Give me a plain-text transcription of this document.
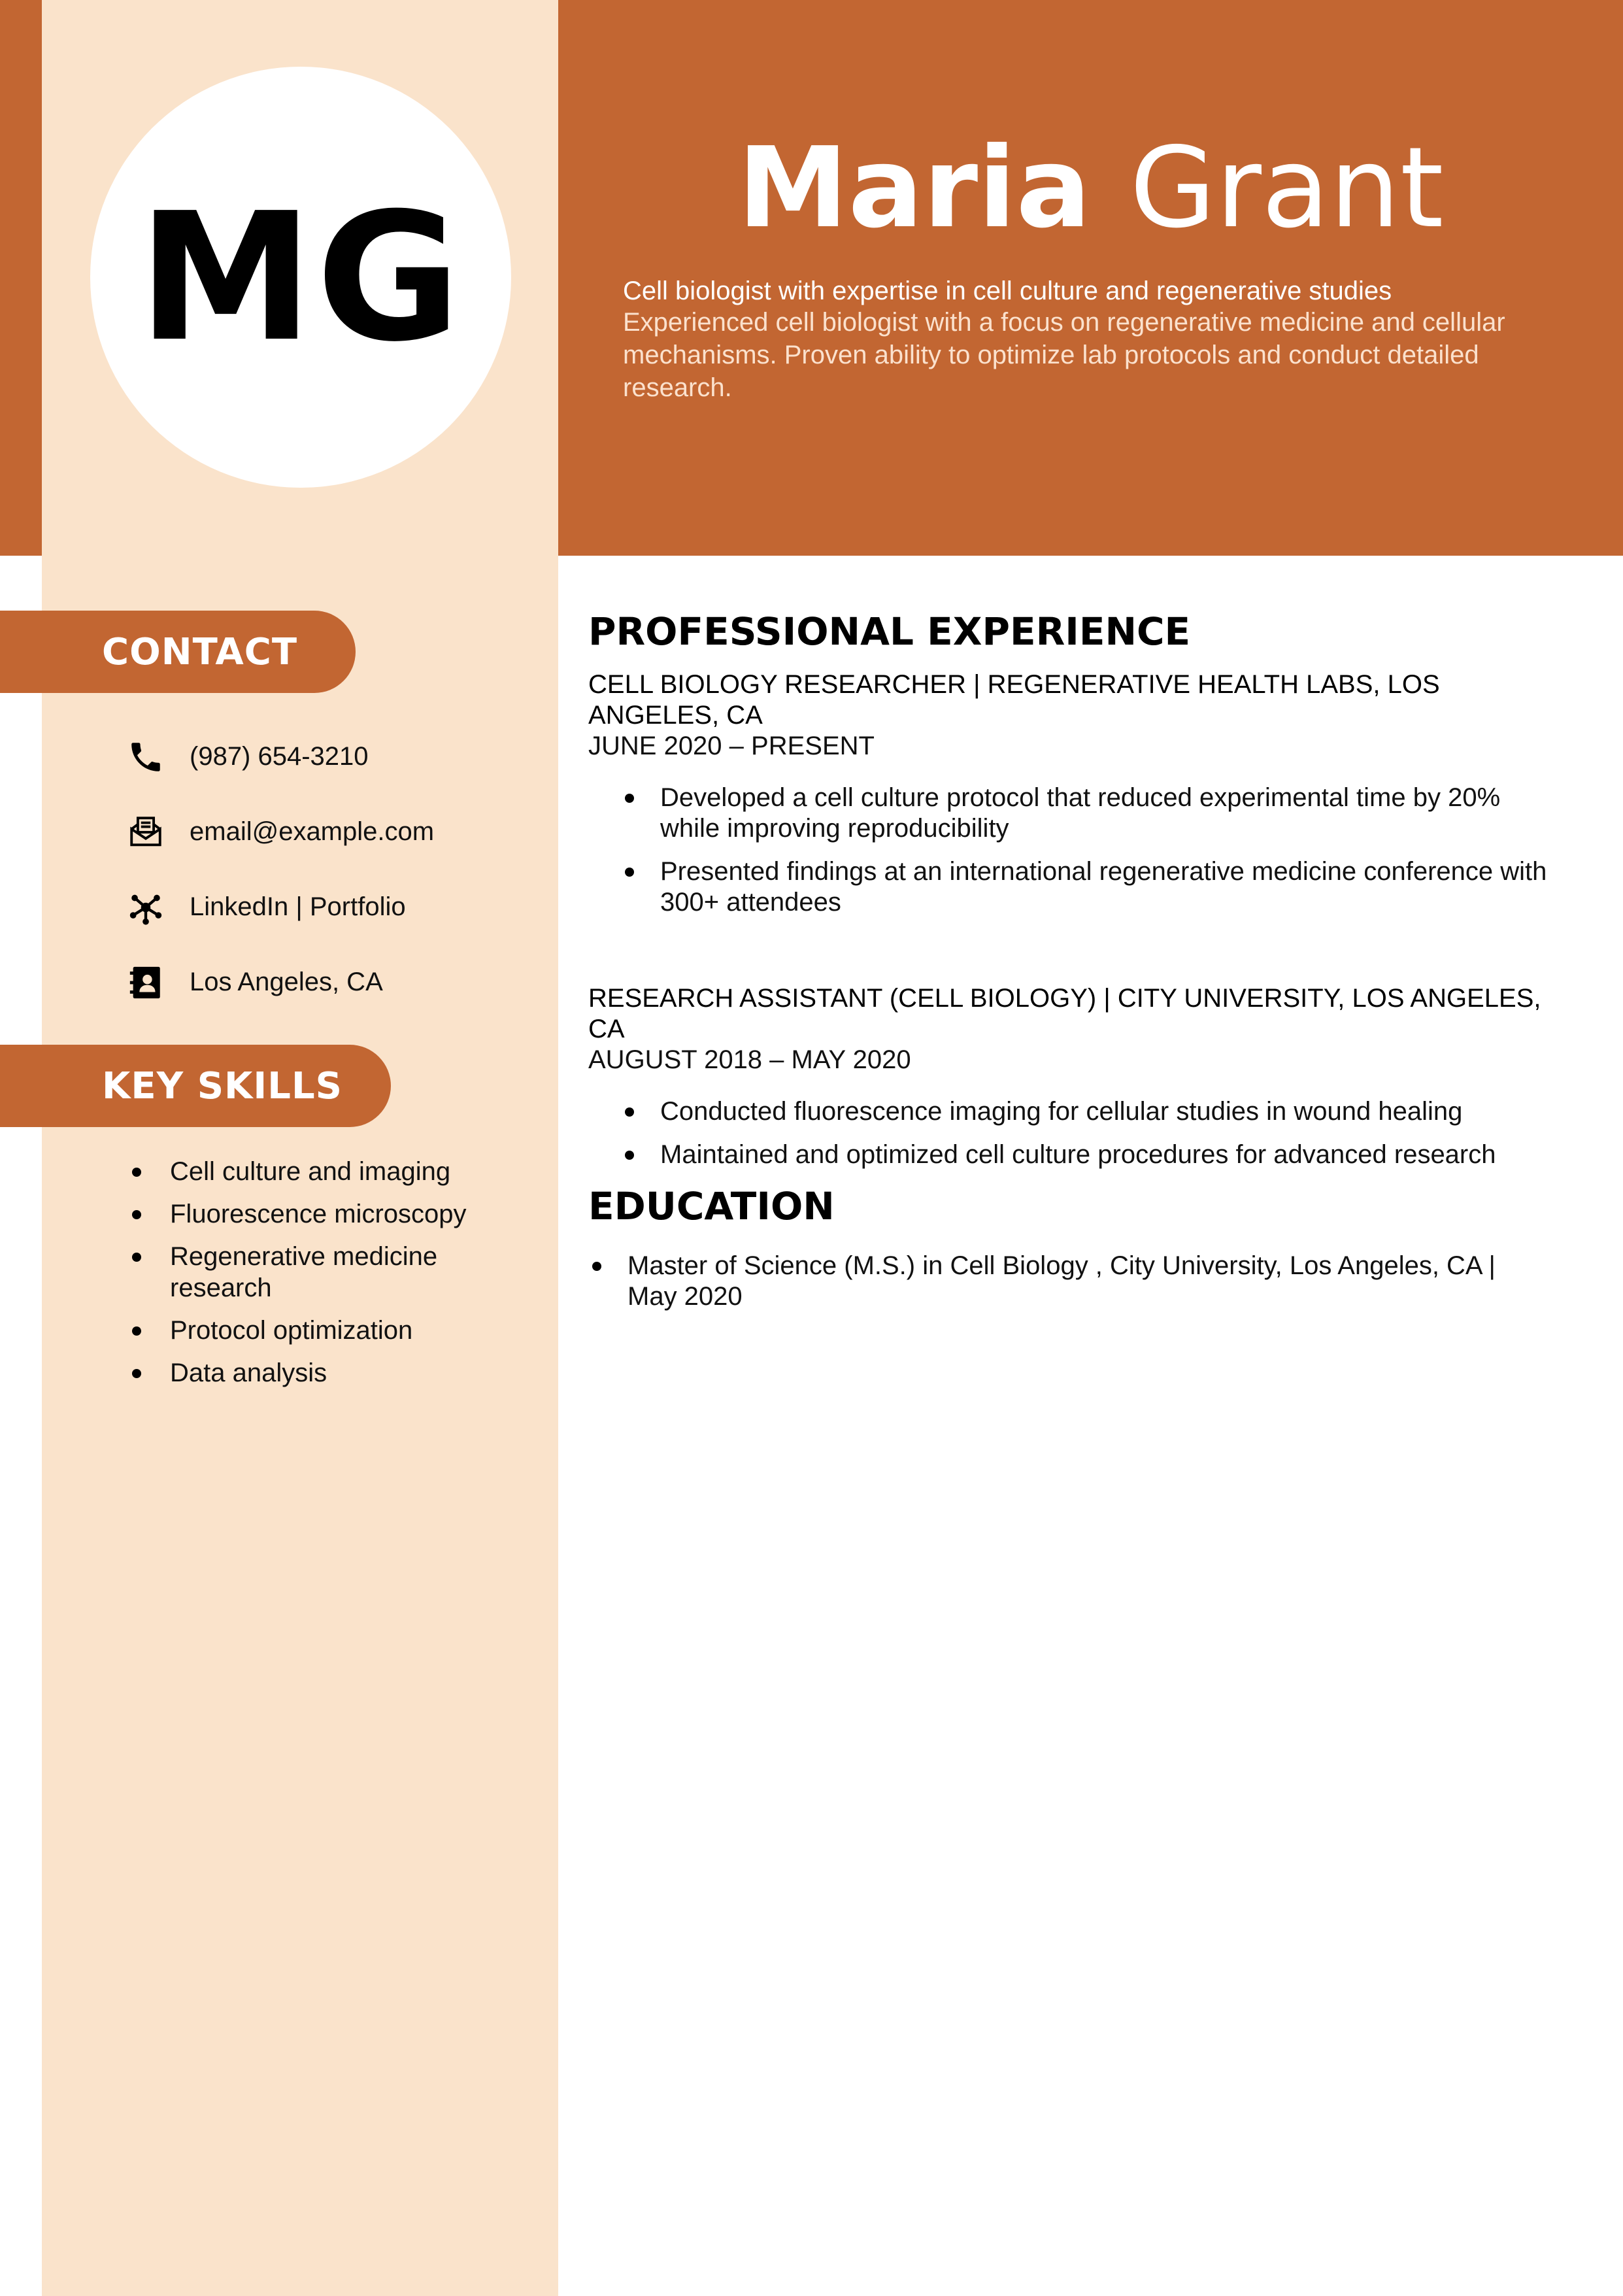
MG	Maria Grant
Cell biologist with expertise in cell culture and regenerative studies
Experienced cell biologist with a focus on regenerative medicine and cellular mechanisms. Proven ability to optimize lab protocols and conduct detailed research.
CONTACT
(987) 654-3210
email@example.com
LinkedIn | Portfolio
Los Angeles, CA
KEY SKILLS
Cell culture and imaging
Fluorescence microscopy
Regenerative medicine research
Protocol optimization
Data analysis
PROFESSIONAL EXPERIENCE
CELL BIOLOGY RESEARCHER | REGENERATIVE HEALTH LABS, LOS ANGELES, CA
JUNE 2020 – PRESENT
Developed a cell culture protocol that reduced experimental time by 20% while improving reproducibility
Presented findings at an international regenerative medicine conference with 300+ attendees
RESEARCH ASSISTANT (CELL BIOLOGY) | CITY UNIVERSITY, LOS ANGELES, CA
AUGUST 2018 – MAY 2020
Conducted fluorescence imaging for cellular studies in wound healing
Maintained and optimized cell culture procedures for advanced research
EDUCATION
Master of Science (M.S.) in Cell Biology , City University, Los Angeles, CA | May 2020
